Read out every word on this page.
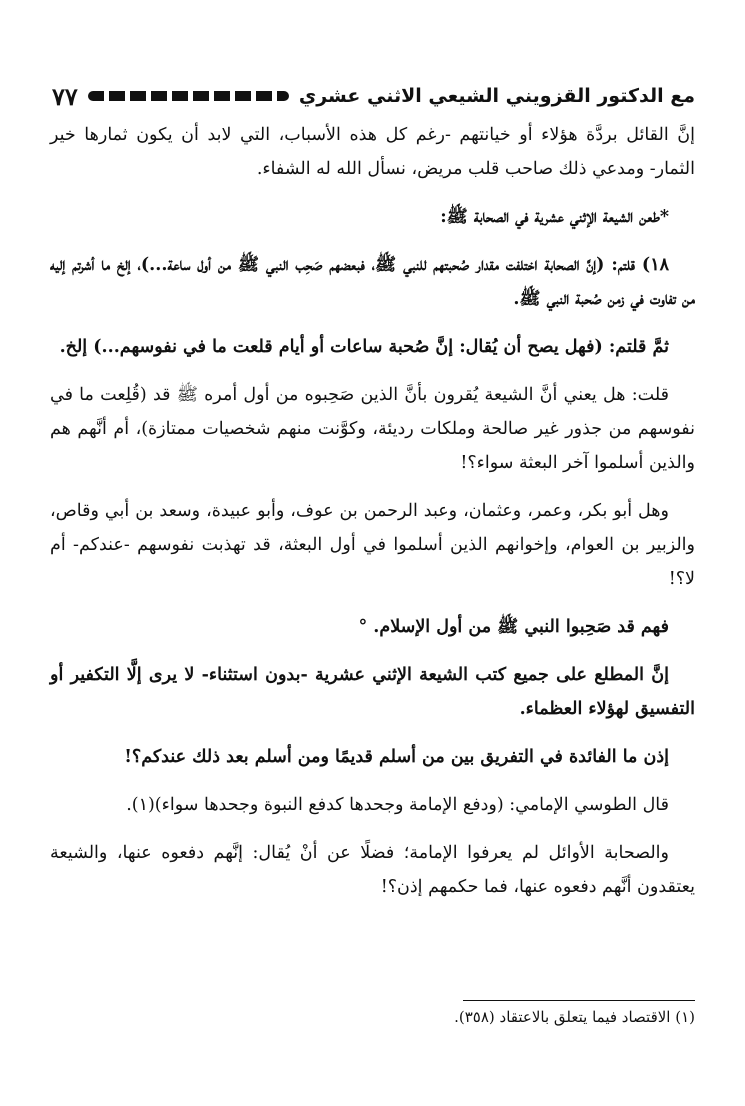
مع الدكتور القزويني الشيعي الاثني عشري
٧٧

إنَّ القائل بردَّة هؤلاء أو خيانتهم -رغم كل هذه الأسباب، التي لابد أن يكون ثمارها خير الثمار- ومدعي ذلك صاحب قلب مريض، نسأل الله له الشفاء.

*طعن الشيعة الإثني عشرية في الصحابة ﷺ:

١٨) قلتم: (إنَّ الصحابة اختلفت مقدار صُحبتهم للنبي ﷺ، فبعضهم صَحِب النبي ﷺ من أول ساعة...)، إلخ ما أشرتم إليه من تفاوت في زمن صُحبة النبي ﷺ.

ثمَّ قلتم: (فهل يصح أن يُقال: إنَّ صُحبة ساعات أو أيام قلعت ما في نفوسهم...) إلخ.

قلت: هل يعني أنَّ الشيعة يُقرون بأنَّ الذين صَحِبوه من أول أمره ﷺ قد (قُلِعت ما في نفوسهم من جذور غير صالحة وملكات رديئة، وكوَّنت منهم شخصيات ممتازة)، أم أنَّهم هم والذين أسلموا آخر البعثة سواء؟!

وهل أبو بكر، وعمر، وعثمان، وعبد الرحمن بن عوف، وأبو عبيدة، وسعد بن أبي وقاص، والزبير بن العوام، وإخوانهم الذين أسلموا في أول البعثة، قد تهذبت نفوسهم -عندكم- أم لا؟!

فهم قد صَحِبوا النبي ﷺ من أول الإسلام. °

إنَّ المطلع على جميع كتب الشيعة الإثني عشرية -بدون استثناء- لا يرى إلَّا التكفير أو التفسيق لهؤلاء العظماء.

إذن ما الفائدة في التفريق بين من أسلم قديمًا ومن أسلم بعد ذلك عندكم؟!

قال الطوسي الإمامي: (ودفع الإمامة وجحدها كدفع النبوة وجحدها سواء)(١).

والصحابة الأوائل لم يعرفوا الإمامة؛ فضلًا عن أنْ يُقال: إنَّهم دفعوه عنها، والشيعة يعتقدون أنَّهم دفعوه عنها، فما حكمهم إذن؟!

(١) الاقتصاد فيما يتعلق بالاعتقاد (٣٥٨).
